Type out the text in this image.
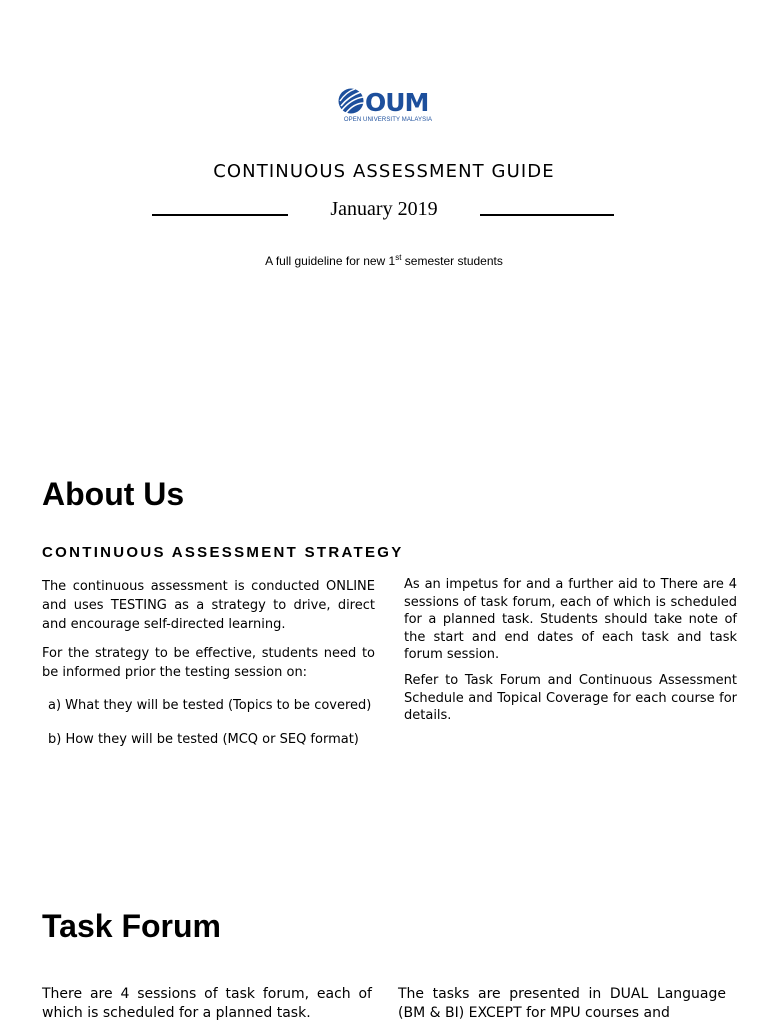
OUM
OPEN UNIVERSITY MALAYSIA
CONTINUOUS ASSESSMENT GUIDE
January 2019
A full guideline for new 1st semester students
About Us
CONTINUOUS ASSESSMENT STRATEGY

The continuous assessment is conducted ONLINE and uses TESTING as a strategy to drive, direct and encourage self-directed learning.

For the strategy to be effective, students need to be informed prior the testing session on:

a) What they will be tested (Topics to be covered)
b) How they will be tested (MCQ or SEQ format)

As an impetus for and a further aid to There are 4 sessions of task forum, each of which is scheduled for a planned task. Students should take note of the start and end dates of each task and task forum session.

Refer to Task Forum and Continuous Assessment Schedule and Topical Coverage for each course for details.

Task Forum
There are 4 sessions of task forum, each of which is scheduled for a planned task.
The tasks are presented in DUAL Language (BM & BI) EXCEPT for MPU courses and
